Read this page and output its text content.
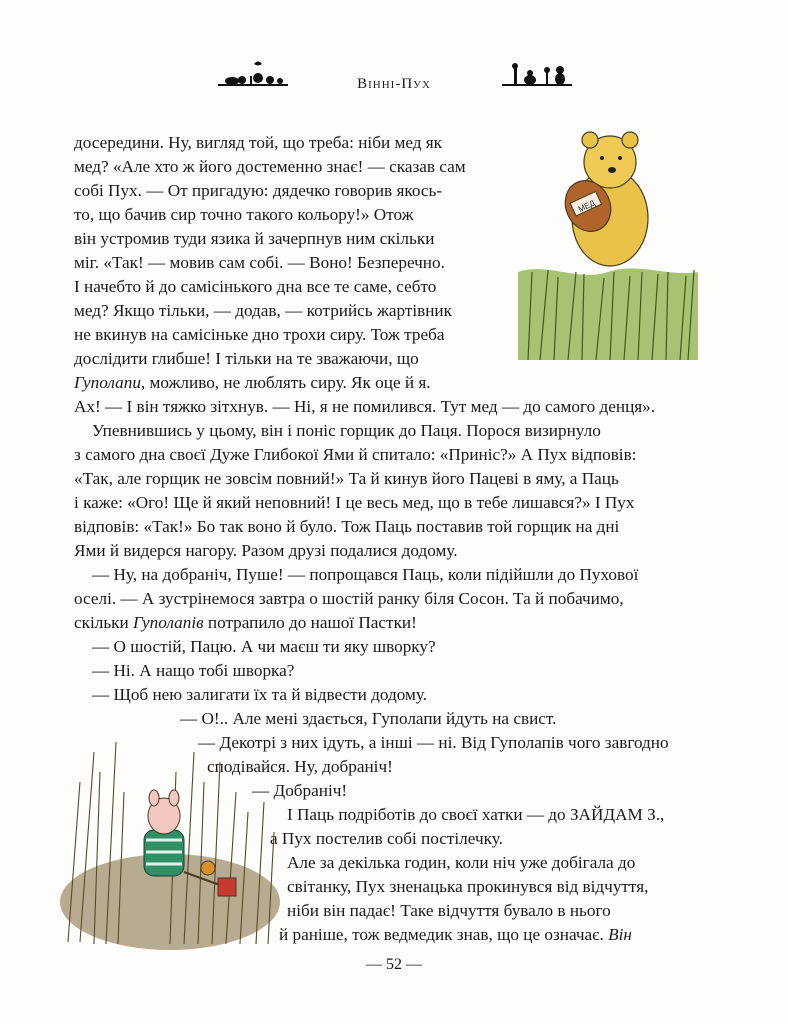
Вінні-Пух
МЕД
досередини. Ну, вигляд той, що треба: ніби мед як
мед? «Але хто ж його достеменно знає! — сказав сам
собі Пух. — От пригадую: дядечко говорив якось-
то, що бачив сир точно такого кольору!» Отож
він устромив туди язика й зачерпнув ним скільки
міг. «Так! — мовив сам собі. — Воно! Безперечно.
І начебто й до самісінького дна все те саме, себто
мед? Якщо тільки, — додав, — котрийсь жартівник
не вкинув на самісіньке дно трохи сиру. Тож треба
дослідити глибше! І тільки на те зважаючи, що
Гуполапи, можливо, не люблять сиру. Як оце й я.
Ах! — І він тяжко зітхнув. — Ні, я не помилився. Тут мед — до самого денця».
Упевнившись у цьому, він і поніс горщик до Паця. Порося визирнуло
з самого дна своєї Дуже Глибокої Ями й спитало: «Приніс?» А Пух відповів:
«Так, але горщик не зовсім повний!» Та й кинув його Пацеві в яму, а Паць
і каже: «Ого! Ще й який неповний! І це весь мед, що в тебе лишався?» І Пух
відповів: «Так!» Бо так воно й було. Тож Паць поставив той горщик на дні
Ями й видерся нагору. Разом друзі подалися додому.
— Ну, на добраніч, Пуше! — попрощався Паць, коли підійшли до Пухової
оселі. — А зустрінемося завтра о шостій ранку біля Сосон. Та й побачимо,
скільки Гуполапів потрапило до нашої Пастки!
— О шостій, Пацю. А чи маєш ти яку шворку?
— Ні. А нащо тобі шворка?
— Щоб нею залигати їх та й відвести додому.
— О!.. Але мені здається, Гуполапи йдуть на свист.
— Декотрі з них ідуть, а інші — ні. Від Гуполапів чого завгодно
сподівайся. Ну, добраніч!
— Добраніч!
І Паць подріботів до своєї хатки — до ЗАЙДАМ З.,
а Пух постелив собі постілечку.
Але за декілька годин, коли ніч уже добігала до
світанку, Пух зненацька прокинувся від відчуття,
ніби він падає! Таке відчуття бувало в нього
й раніше, тож ведмедик знав, що це означає. Він
— 52 —
